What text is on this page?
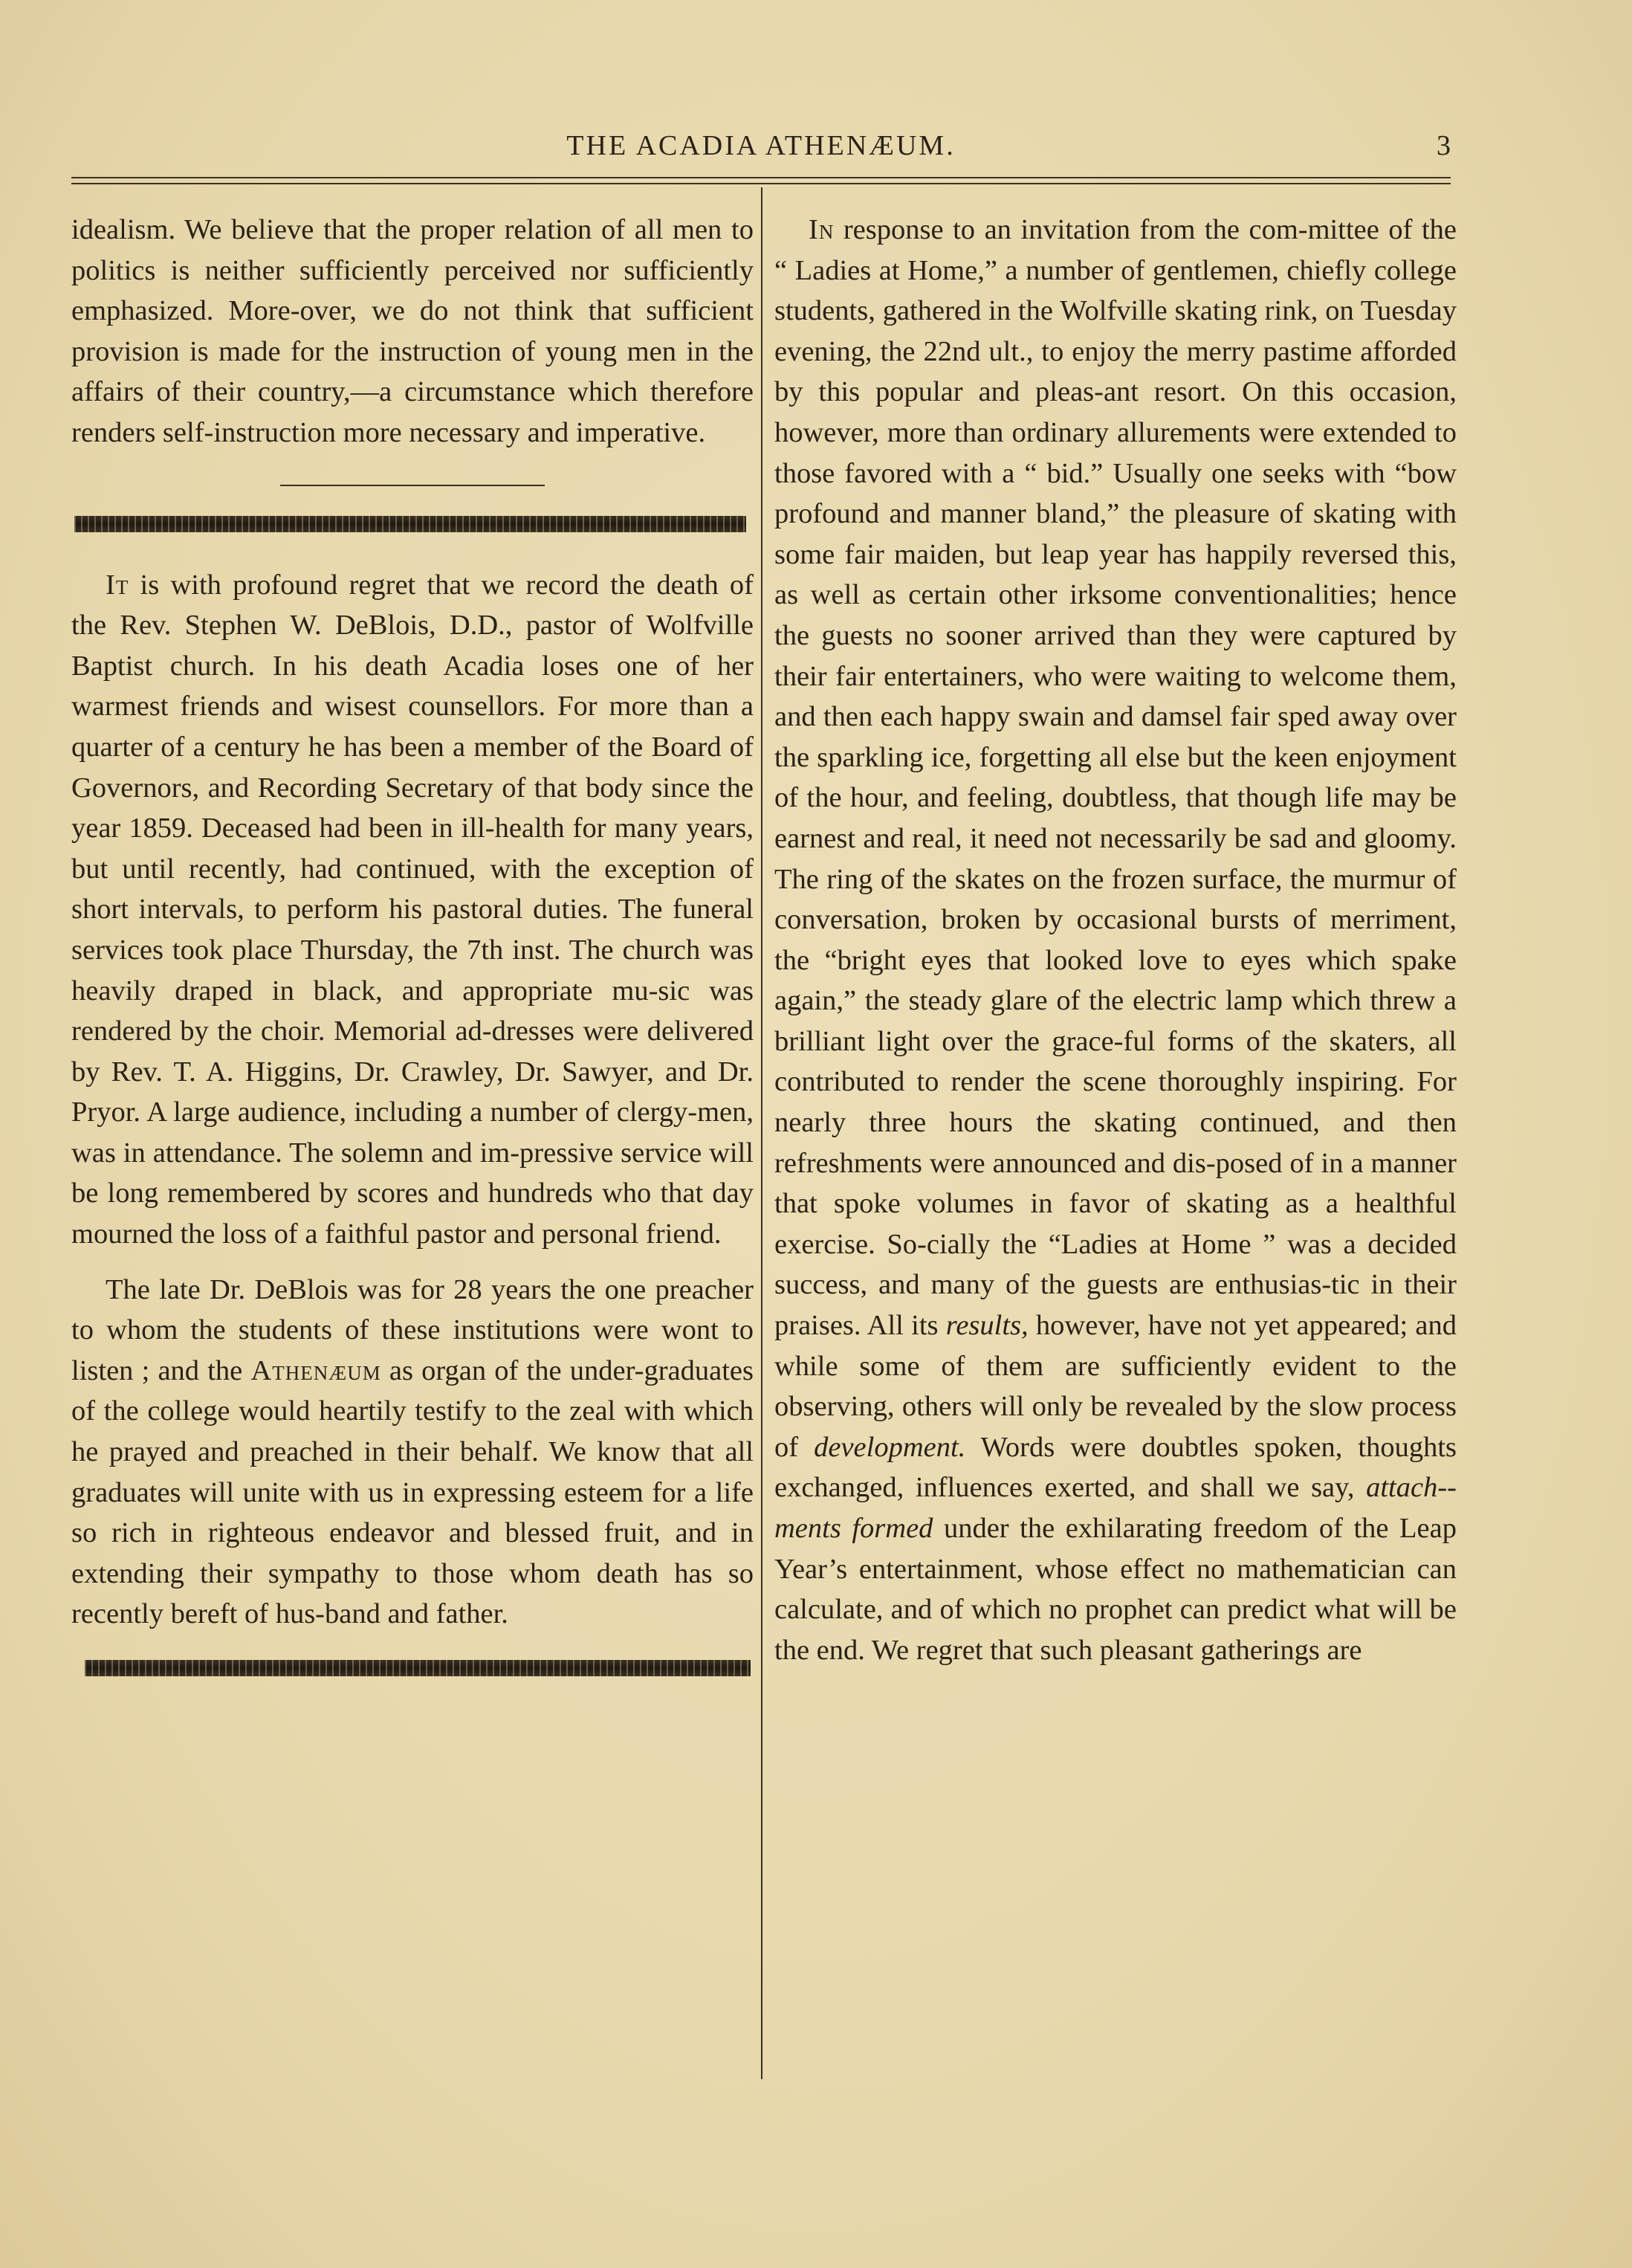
THE ACADIA ATHENÆUM.	3

idealism. We believe that the proper relation of all men to politics is neither sufficiently perceived nor sufficiently emphasized. More-over, we do not think that sufficient provision is made for the instruction of young men in the affairs of their country,—a circumstance which therefore renders self-instruction more necessary and imperative.

It is with profound regret that we record the death of the Rev. Stephen W. DeBlois, D.D., pastor of Wolfville Baptist church. In his death Acadia loses one of her warmest friends and wisest counsellors. For more than a quarter of a century he has been a member of the Board of Governors, and Recording Secretary of that body since the year 1859. Deceased had been in ill-health for many years, but until recently, had continued, with the exception of short intervals, to perform his pastoral duties. The funeral services took place Thursday, the 7th inst. The church was heavily draped in black, and appropriate mu-sic was rendered by the choir. Memorial ad-dresses were delivered by Rev. T. A. Higgins, Dr. Crawley, Dr. Sawyer, and Dr. Pryor. A large audience, including a number of clergy-men, was in attendance. The solemn and im-pressive service will be long remembered by scores and hundreds who that day mourned the loss of a faithful pastor and personal friend.

The late Dr. DeBlois was for 28 years the one preacher to whom the students of these institutions were wont to listen ; and the Athenæum as organ of the under-graduates of the college would heartily testify to the zeal with which he prayed and preached in their behalf. We know that all graduates will unite with us in expressing esteem for a life so rich in righteous endeavor and blessed fruit, and in extending their sympathy to those whom death has so recently bereft of hus-band and father.

In response to an invitation from the com-mittee of the “ Ladies at Home,” a number of gentlemen, chiefly college students, gathered in the Wolfville skating rink, on Tuesday evening, the 22nd ult., to enjoy the merry pastime afforded by this popular and pleas-ant resort. On this occasion, however, more than ordinary allurements were extended to those favored with a “ bid.” Usually one seeks with “bow profound and manner bland,” the pleasure of skating with some fair maiden, but leap year has happily reversed this, as well as certain other irksome conventionalities; hence the guests no sooner arrived than they were captured by their fair entertainers, who were waiting to welcome them, and then each happy swain and damsel fair sped away over the sparkling ice, forgetting all else but the keen enjoyment of the hour, and feeling, doubtless, that though life may be earnest and real, it need not necessarily be sad and gloomy. The ring of the skates on the frozen surface, the murmur of conversation, broken by occasional bursts of merriment, the “bright eyes that looked love to eyes which spake again,” the steady glare of the electric lamp which threw a brilliant light over the grace-ful forms of the skaters, all contributed to render the scene thoroughly inspiring. For nearly three hours the skating continued, and then refreshments were announced and dis-posed of in a manner that spoke volumes in favor of skating as a healthful exercise. So-cially the “Ladies at Home ” was a decided success, and many of the guests are enthusias-tic in their praises. All its results, however, have not yet appeared; and while some of them are sufficiently evident to the observing, others will only be revealed by the slow process of development. Words were doubtles spoken, thoughts exchanged, influences exerted, and shall we say, attach-ments formed under the exhilarating freedom of the Leap Year’s entertainment, whose effect no mathematician can calculate, and of which no prophet can predict what will be the end. We regret that such pleasant gatherings are
